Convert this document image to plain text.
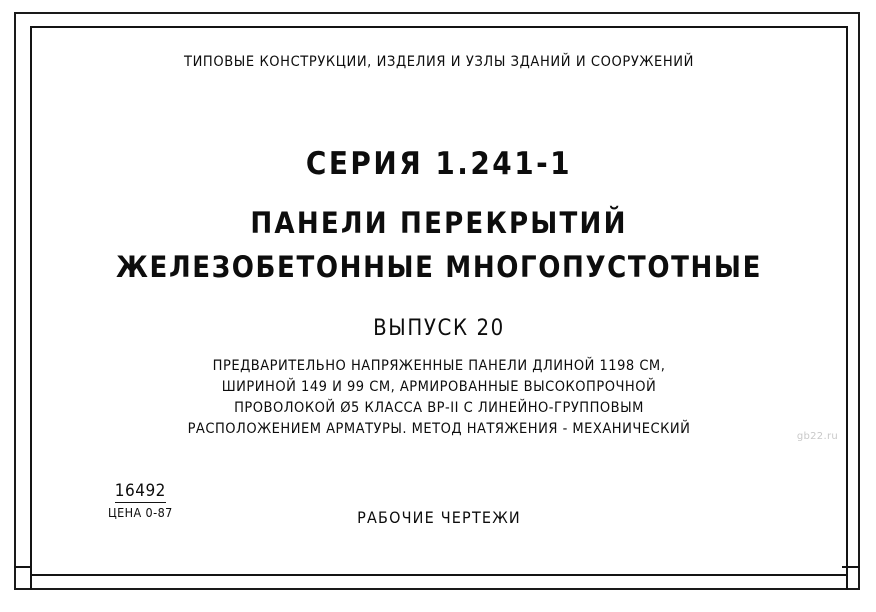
ТИПОВЫЕ КОНСТРУКЦИИ, ИЗДЕЛИЯ И УЗЛЫ ЗДАНИЙ И СООРУЖЕНИЙ
СЕРИЯ 1.241-1
ПАНЕЛИ ПЕРЕКРЫТИЙ
ЖЕЛЕЗОБЕТОННЫЕ МНОГОПУСТОТНЫЕ
ВЫПУСК 20
ПРЕДВАРИТЕЛЬНО НАПРЯЖЕННЫЕ ПАНЕЛИ ДЛИНОЙ 1198 СМ,
ШИРИНОЙ 149 И 99 СМ, АРМИРОВАННЫЕ ВЫСОКОПРОЧНОЙ
ПРОВОЛОКОЙ Ø5 КЛАССА ВР-II С ЛИНЕЙНО-ГРУППОВЫМ
РАСПОЛОЖЕНИЕМ АРМАТУРЫ. МЕТОД НАТЯЖЕНИЯ - МЕХАНИЧЕСКИЙ
16492
ЦЕНА 0-87	РАБОЧИЕ ЧЕРТЕЖИ
gb22.ru
